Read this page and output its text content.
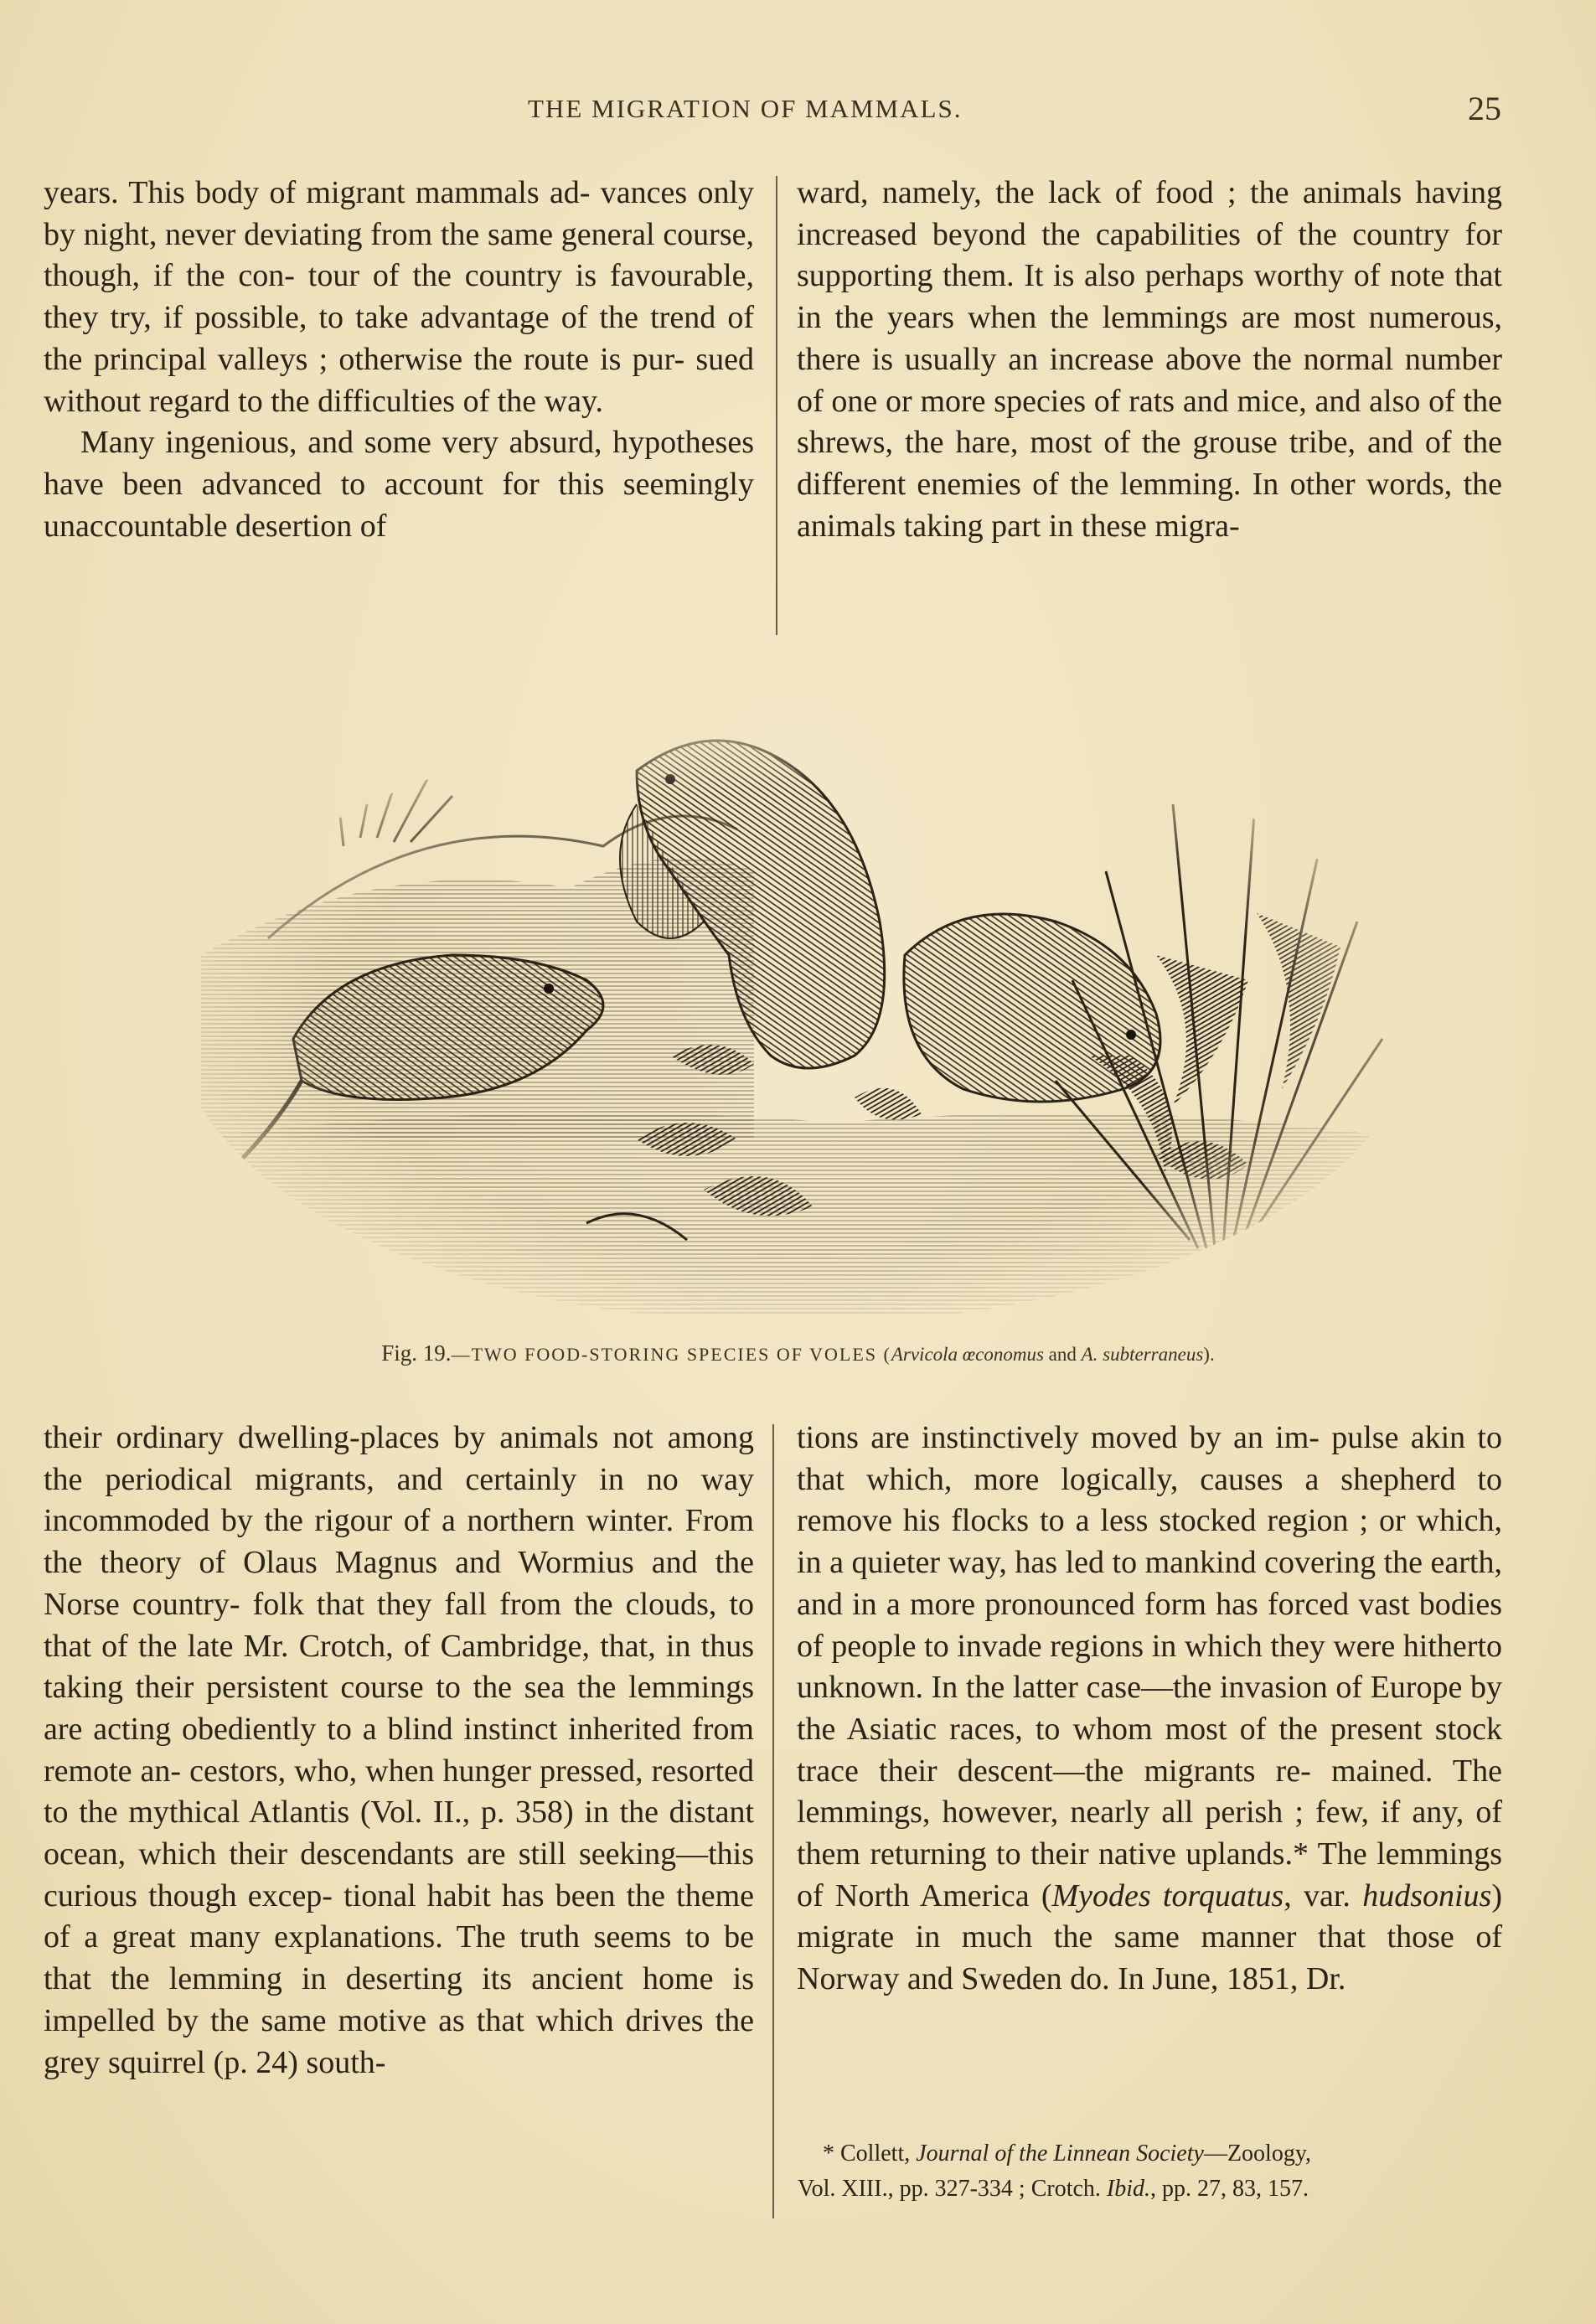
THE MIGRATION OF MAMMALS.	25

years. This body of migrant mammals ad- vances only by night, never deviating from the same general course, though, if the con- tour of the country is favourable, they try, if possible, to take advantage of the trend of the principal valleys ; otherwise the route is pur- sued without regard to the difficulties of the way.

Many ingenious, and some very absurd, hypotheses have been advanced to account for this seemingly unaccountable desertion of

ward, namely, the lack of food ; the animals having increased beyond the capabilities of the country for supporting them. It is also perhaps worthy of note that in the years when the lemmings are most numerous, there is usually an increase above the normal number of one or more species of rats and mice, and also of the shrews, the hare, most of the grouse tribe, and of the different enemies of the lemming. In other words, the animals taking part in these migra-

Fig. 19.—TWO FOOD-STORING SPECIES OF VOLES (Arvicola œconomus and A. subterraneus).

their ordinary dwelling-places by animals not among the periodical migrants, and certainly in no way incommoded by the rigour of a northern winter. From the theory of Olaus Magnus and Wormius and the Norse country- folk that they fall from the clouds, to that of the late Mr. Crotch, of Cambridge, that, in thus taking their persistent course to the sea the lemmings are acting obediently to a blind instinct inherited from remote an- cestors, who, when hunger pressed, resorted to the mythical Atlantis (Vol. II., p. 358) in the distant ocean, which their descendants are still seeking—this curious though excep- tional habit has been the theme of a great many explanations. The truth seems to be that the lemming in deserting its ancient home is impelled by the same motive as that which drives the grey squirrel (p. 24) south-

tions are instinctively moved by an im- pulse akin to that which, more logically, causes a shepherd to remove his flocks to a less stocked region ; or which, in a quieter way, has led to mankind covering the earth, and in a more pronounced form has forced vast bodies of people to invade regions in which they were hitherto unknown. In the latter case—the invasion of Europe by the Asiatic races, to whom most of the present stock trace their descent—the migrants re- mained. The lemmings, however, nearly all perish ; few, if any, of them returning to their native uplands.* The lemmings of North America (Myodes torquatus, var. hudsonius) migrate in much the same manner that those of Norway and Sweden do. In June, 1851, Dr.

* Collett, Journal of the Linnean Society—Zoology,

Vol. XIII., pp. 327-334 ; Crotch. Ibid., pp. 27, 83, 157.
